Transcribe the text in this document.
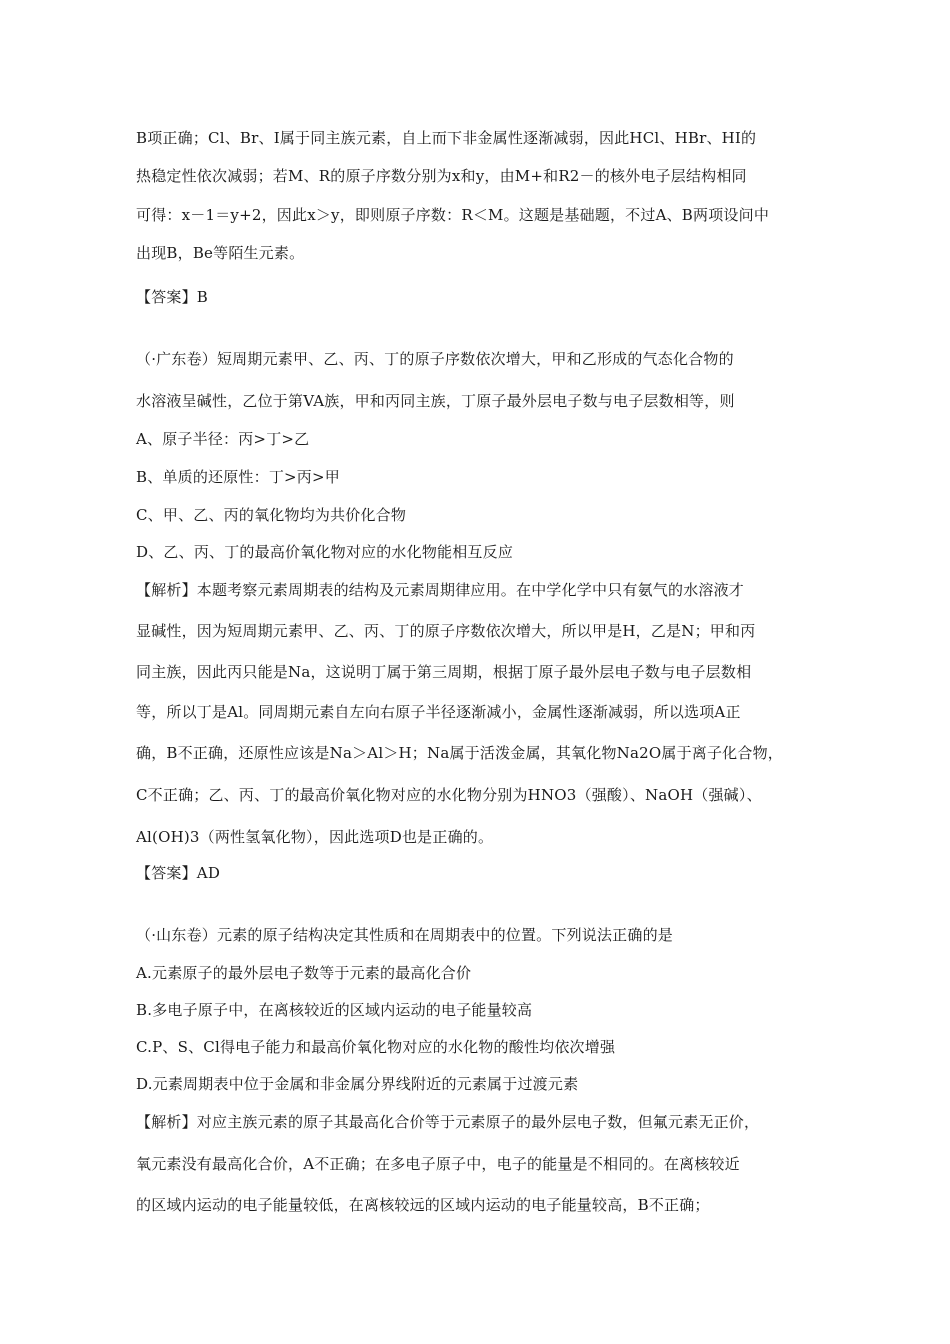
B项正确；Cl、Br、I属于同主族元素，自上而下非金属性逐渐减弱，因此HCl、HBr、HI的
热稳定性依次减弱；若M、R的原子序数分别为x和y，由M+和R2－的核外电子层结构相同
可得：x－1＝y+2，因此x＞y，即则原子序数：R＜M。这题是基础题，不过A、B两项设问中
出现B，Be等陌生元素。
【答案】B
（·广东卷）短周期元素甲、乙、丙、丁的原子序数依次增大，甲和乙形成的气态化合物的
水溶液呈碱性，乙位于第VA族，甲和丙同主族，丁原子最外层电子数与电子层数相等，则
A、原子半径：丙>丁>乙
B、单质的还原性：丁>丙>甲
C、甲、乙、丙的氧化物均为共价化合物
D、乙、丙、丁的最高价氧化物对应的水化物能相互反应
【解析】本题考察元素周期表的结构及元素周期律应用。在中学化学中只有氨气的水溶液才
显碱性，因为短周期元素甲、乙、丙、丁的原子序数依次增大，所以甲是H，乙是N；甲和丙
同主族，因此丙只能是Na，这说明丁属于第三周期，根据丁原子最外层电子数与电子层数相
等，所以丁是Al。同周期元素自左向右原子半径逐渐减小，金属性逐渐减弱，所以选项A正
确，B不正确，还原性应该是Na＞Al＞H；Na属于活泼金属，其氧化物Na2O属于离子化合物，
C不正确；乙、丙、丁的最高价氧化物对应的水化物分别为HNO3（强酸）、NaOH（强碱）、
Al(OH)3（两性氢氧化物），因此选项D也是正确的。
【答案】AD
（·山东卷）元素的原子结构决定其性质和在周期表中的位置。下列说法正确的是
A.元素原子的最外层电子数等于元素的最高化合价
B.多电子原子中，在离核较近的区域内运动的电子能量较高
C.P、S、Cl得电子能力和最高价氧化物对应的水化物的酸性均依次增强
D.元素周期表中位于金属和非金属分界线附近的元素属于过渡元素
【解析】对应主族元素的原子其最高化合价等于元素原子的最外层电子数，但氟元素无正价，
氧元素没有最高化合价，A不正确；在多电子原子中，电子的能量是不相同的。在离核较近
的区域内运动的电子能量较低，在离核较远的区域内运动的电子能量较高，B不正确；
